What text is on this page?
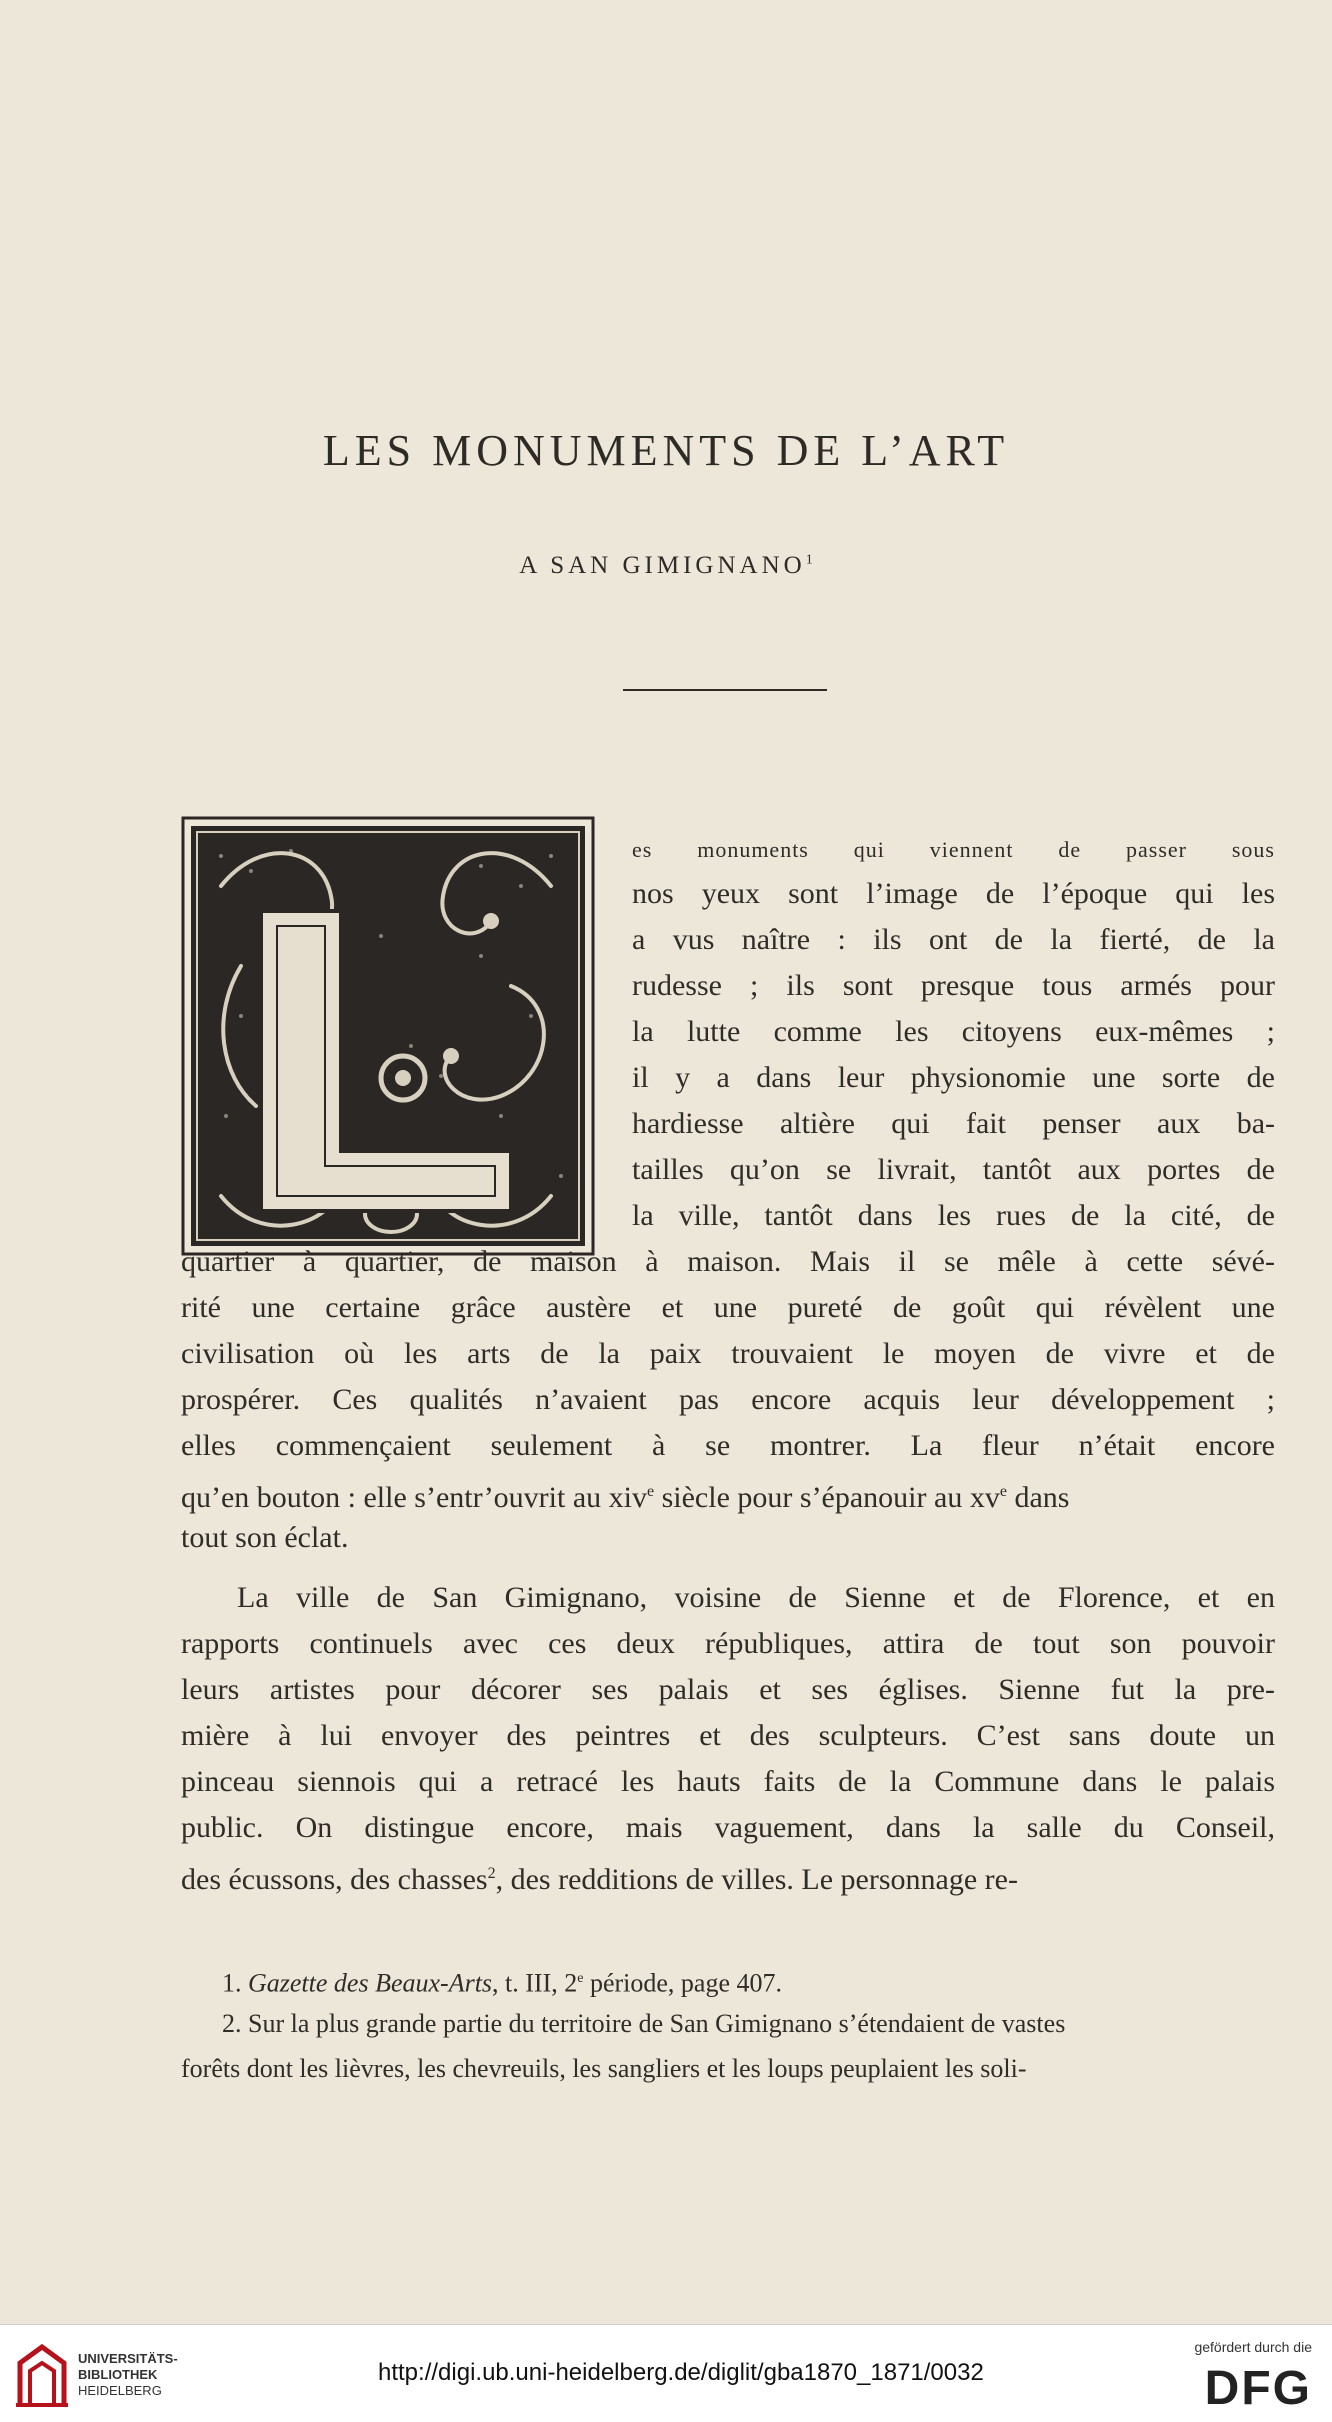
LES MONUMENTS DE L’ART
A SAN GIMIGNANO$^1$
es monuments qui viennent de passer sous
nos yeux sont l’image de l’époque qui les
a vus naître : ils ont de la fierté, de la
rudesse ; ils sont presque tous armés pour
la lutte comme les citoyens eux-mêmes ;
il y a dans leur physionomie une sorte de
hardiesse altière qui fait penser aux ba-
tailles qu’on se livrait, tantôt aux portes de
la ville, tantôt dans les rues de la cité, de
quartier à quartier, de maison à maison. Mais il se mêle à cette sévé-
rité une certaine grâce austère et une pureté de goût qui révèlent une
civilisation où les arts de la paix trouvaient le moyen de vivre et de
prospérer. Ces qualités n’avaient pas encore acquis leur développement ;
elles commençaient seulement à se montrer. La fleur n’était encore
qu’en bouton : elle s’entr’ouvrit au xiv$^e$ siècle pour s’épanouir au $xv^e$ dans
tout son éclat.
La ville de San Gimignano, voisine de Sienne et de Florence, et en
rapports continuels avec ces deux républiques, attira de tout son pouvoir
leurs artistes pour décorer ses palais et ses églises. Sienne fut la pre-
mière à lui envoyer des peintres et des sculpteurs. C’est sans doute un
pinceau siennois qui a retracé les hauts faits de la Commune dans le palais
public. On distingue encore, mais vaguement, dans la salle du Conseil,
des écussons, des chasses$^2$, des redditions de villes. Le personnage re-
1. Gazette des Beaux-Arts, t. III, 2e période, page 407.
2. Sur la plus grande partie du territoire de San Gimignano s’étendaient de vastes
forêts dont les lièvres, les chevreuils, les sangliers et les loups peuplaient les soli-
UNIVERSITÄTS-
BIBLIOTHEK
HEIDELBERG
http://digi.ub.uni-heidelberg.de/diglit/gba1870_1871/0032
gefördert durch die
DFG
